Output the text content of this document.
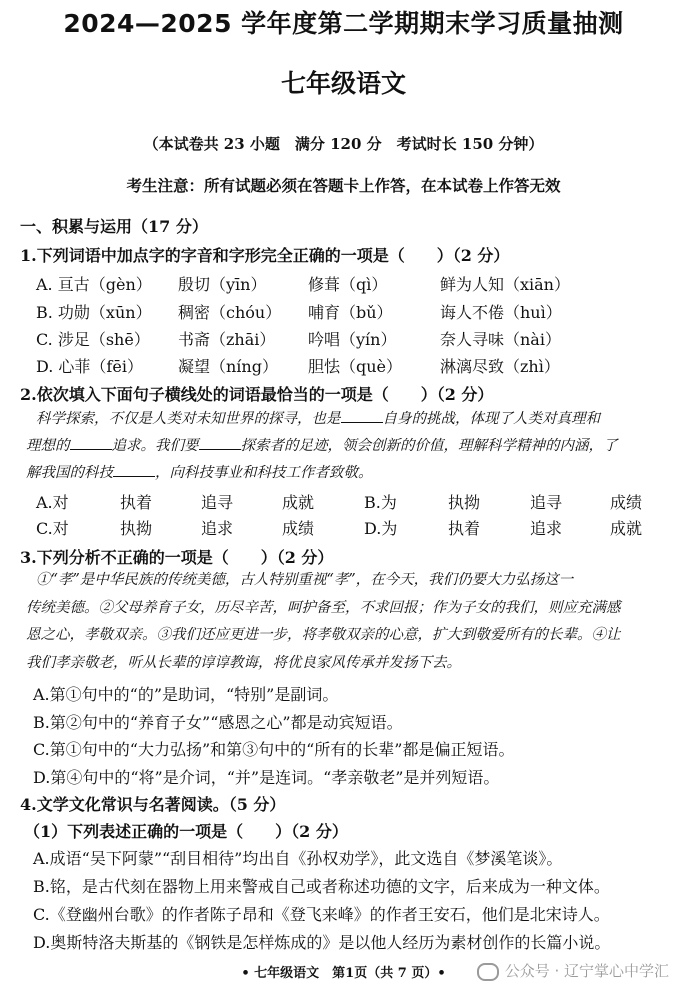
2024—2025 学年度第二学期期末学习质量抽测
七年级语文
（本试卷共 23 小题　满分 120 分　考试时长 150 分钟）
考生注意：所有试题必须在答题卡上作答，在本试卷上作答无效
一、积累与运用（17 分）
1.下列词语中加点字的字音和字形完全正确的一项是（　　）（2 分）
A. 亘古（gèn） 殷切（yīn）	修葺（qì）	鲜为人知（xiān）
B. 功勋（xūn） 稠密（chóu） 哺育（bǔ）	诲人不倦（huì）
C. 涉足（shē） 书斋（zhāi） 吟唱（yín）	奈人寻味（nài）
D. 心菲（fēi） 凝望（níng） 胆怯（què） 淋漓尽致（zhì）
2.依次填入下面句子横线处的词语最恰当的一项是（　　）（2 分）
科学探索，不仅是人类对未知世界的探寻，也是	自身的挑战，体现了人类对真理和
理想的	追求。我们要	探索者的足迹，领会创新的价值，理解科学精神的内涵，了
解我国的科技	，向科技事业和科技工作者致敬。
A.对	执着	追寻	成就	B.为	执拗	追寻	成绩
C.对	执拗	追求	成绩	D.为	执着	追求	成就
3.下列分析不正确的一项是（　　）（2 分）
①“孝”是中华民族的传统美德，古人特别重视“孝”，在今天，我们仍要大力弘扬这一
传统美德。②父母养育子女，历尽辛苦，呵护备至，不求回报；作为子女的我们，则应充满感
恩之心，孝敬双亲。③我们还应更进一步，将孝敬双亲的心意，扩大到敬爱所有的长辈。④让
我们孝亲敬老，听从长辈的谆谆教诲，将优良家风传承并发扬下去。
A.第①句中的“的”是助词，“特别”是副词。
B.第②句中的“养育子女”“感恩之心”都是动宾短语。
C.第①句中的“大力弘扬”和第③句中的“所有的长辈”都是偏正短语。
D.第④句中的“将”是介词，“并”是连词。“孝亲敬老”是并列短语。
4.文学文化常识与名著阅读。（5 分）
（1）下列表述正确的一项是（　　）（2 分）
A.成语“吴下阿蒙”“刮目相待”均出自《孙权劝学》，此文选自《梦溪笔谈》。
B.铭，是古代刻在器物上用来警戒自己或者称述功德的文字，后来成为一种文体。
C.《登幽州台歌》的作者陈子昂和《登飞来峰》的作者王安石，他们是北宋诗人。
D.奥斯特洛夫斯基的《钢铁是怎样炼成的》是以他人经历为素材创作的长篇小说。
• 七年级语文　第1页（共 7 页）•	公众号 · 辽宁掌心中学汇
